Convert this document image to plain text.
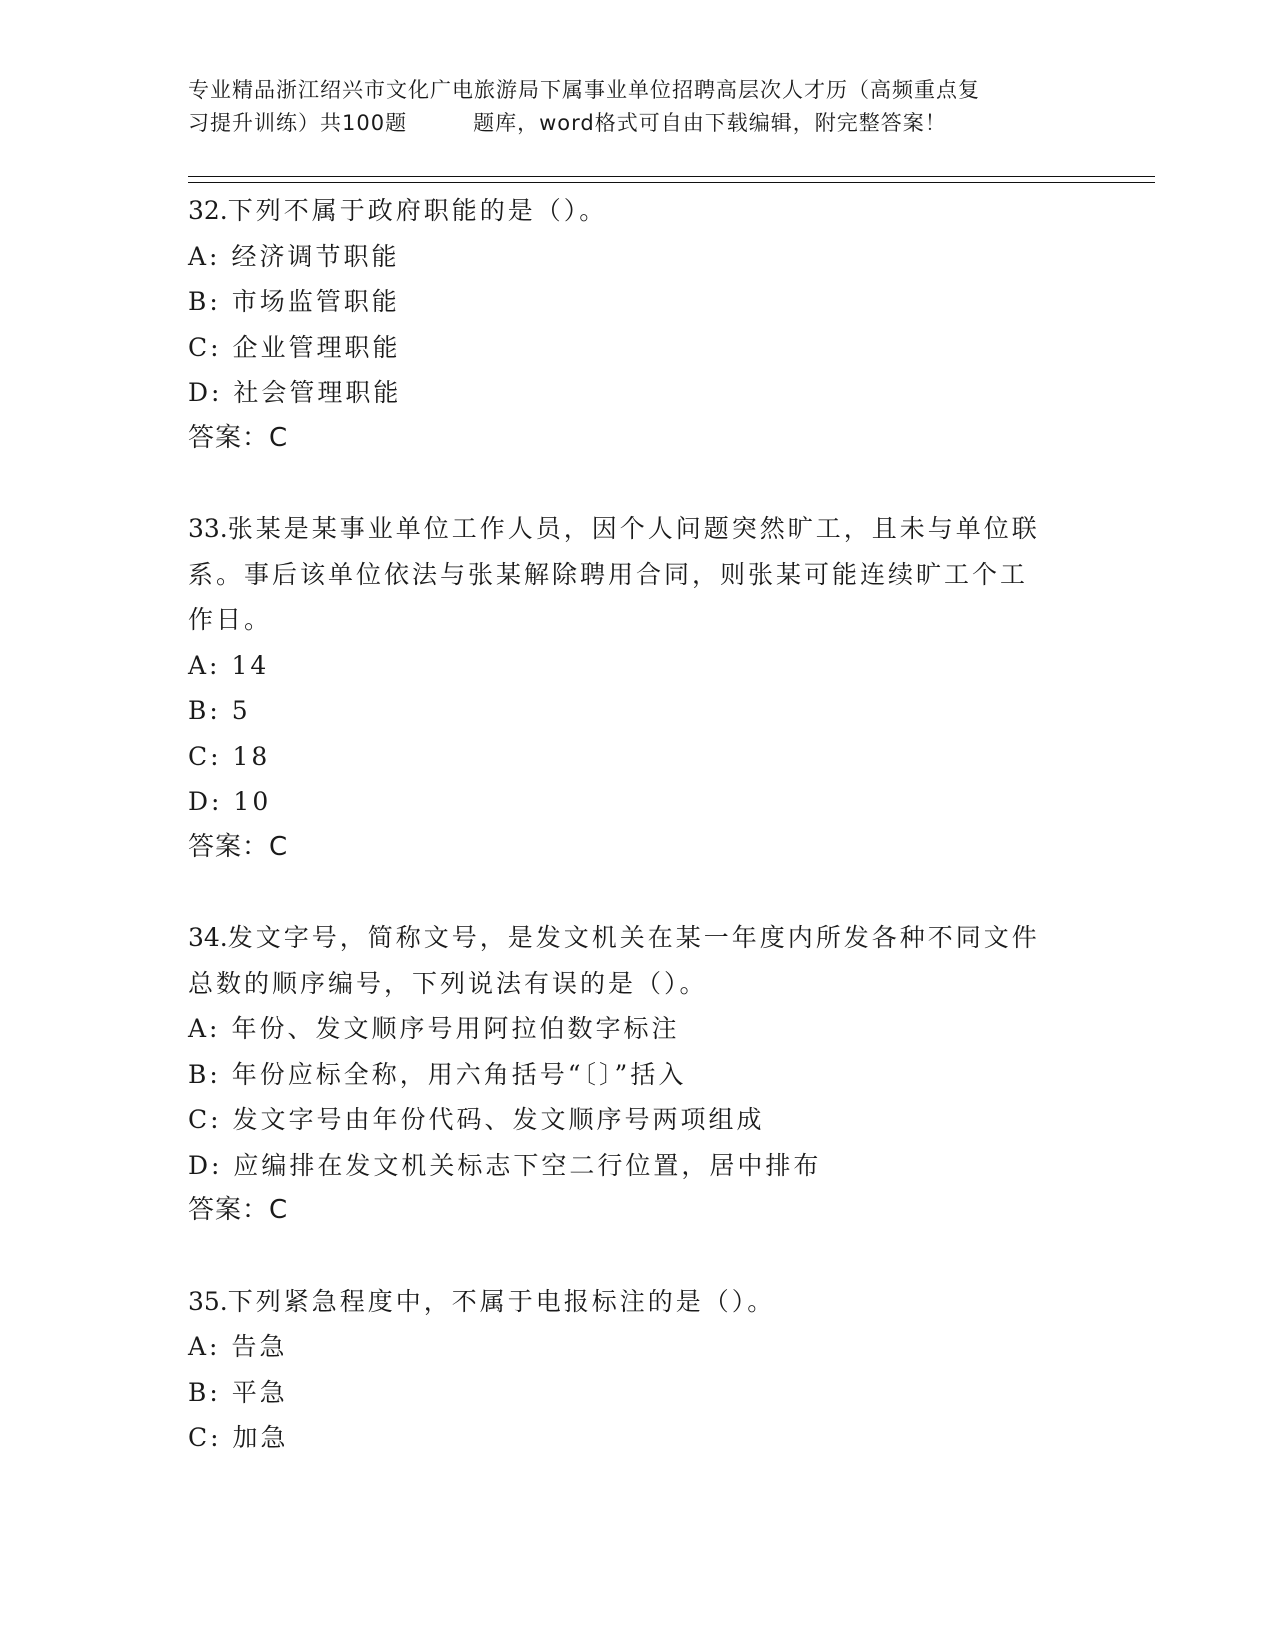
专业精品浙江绍兴市文化广电旅游局下属事业单位招聘高层次人才历（高频重点复
习提升训练）共100题　　　题库，word格式可自由下载编辑，附完整答案！
32.下列不属于政府职能的是（）。
A: 经济调节职能
B: 市场监管职能
C: 企业管理职能
D: 社会管理职能
答案：C
33.张某是某事业单位工作人员，因个人问题突然旷工，且未与单位联
系。事后该单位依法与张某解除聘用合同，则张某可能连续旷工个工
作日。
A: 14
B: 5
C: 18
D: 10
答案：C
34.发文字号，简称文号，是发文机关在某一年度内所发各种不同文件
总数的顺序编号，下列说法有误的是（）。
A: 年份、发文顺序号用阿拉伯数字标注
B: 年份应标全称，用六角括号“〔〕”括入
C: 发文字号由年份代码、发文顺序号两项组成
D: 应编排在发文机关标志下空二行位置，居中排布
答案：C
35.下列紧急程度中，不属于电报标注的是（）。
A: 告急
B: 平急
C: 加急
